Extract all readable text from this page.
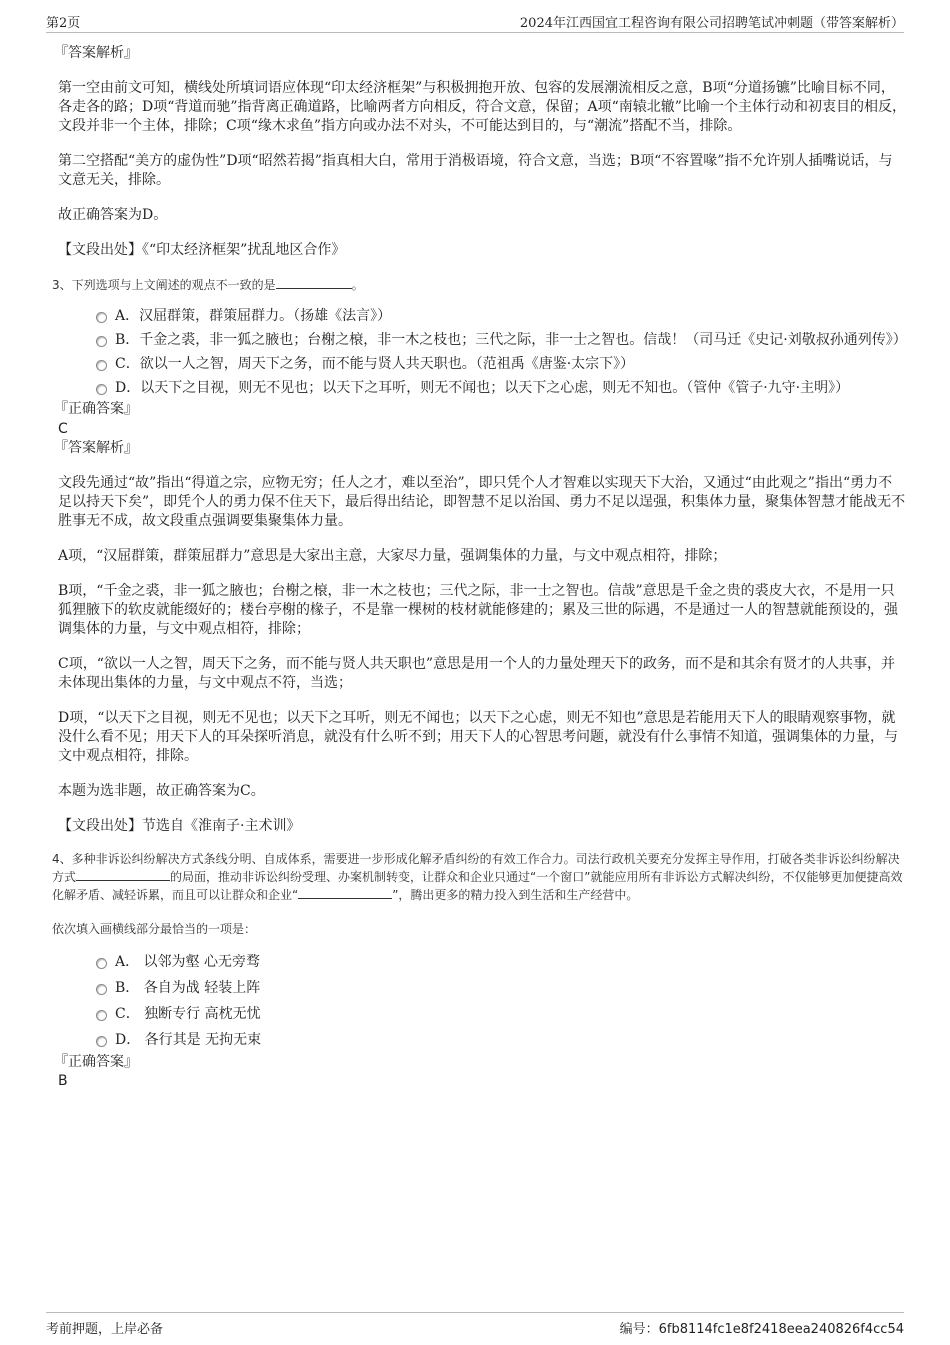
第2页	2024年江西国宜工程咨询有限公司招聘笔试冲刺题（带答案解析）

『答案解析』

第一空由前文可知，横线处所填词语应体现“印太经济框架”与积极拥抱开放、包容的发展潮流相反之意，B项“分道扬镳”比喻目标不同，各走各的路；D项“背道而驰”指背离正确道路，比喻两者方向相反，符合文意，保留；A项“南辕北辙”比喻一个主体行动和初衷目的相反，文段并非一个主体，排除；C项“缘木求鱼”指方向或办法不对头，不可能达到目的，与“潮流”搭配不当，排除。

第二空搭配“美方的虚伪性”D项“昭然若揭”指真相大白，常用于消极语境，符合文意，当选；B项“不容置喙”指不允许别人插嘴说话，与文意无关，排除。

故正确答案为D。

【文段出处】《“印太经济框架”扰乱地区合作》

3、下列选项与上文阐述的观点不一致的是	。

A．汉屈群策，群策屈群力。（扬雄《法言》）
B．千金之裘，非一狐之腋也；台榭之榱，非一木之枝也；三代之际，非一士之智也。信哉！（司马迁《史记·刘敬叔孙通列传》）
C．欲以一人之智，周天下之务，而不能与贤人共天职也。（范祖禹《唐鉴·太宗下》）
D．以天下之目视，则无不见也；以天下之耳听，则无不闻也；以天下之心虑，则无不知也。（管仲《管子·九守·主明》）

『正确答案』

C

『答案解析』

文段先通过“故”指出“得道之宗，应物无穷；任人之才，难以至治”，即只凭个人才智难以实现天下大治，又通过“由此观之”指出“勇力不足以持天下矣”，即凭个人的勇力保不住天下，最后得出结论，即智慧不足以治国、勇力不足以逞强，积集体力量，聚集体智慧才能战无不胜事无不成，故文段重点强调要集聚集体力量。

A项，“汉屈群策，群策屈群力”意思是大家出主意，大家尽力量，强调集体的力量，与文中观点相符，排除；

B项，“千金之裘，非一狐之腋也；台榭之榱，非一木之枝也；三代之际，非一士之智也。信哉”意思是千金之贵的裘皮大衣，不是用一只狐狸腋下的软皮就能缀好的；楼台亭榭的椽子，不是靠一棵树的枝材就能修建的；累及三世的际遇，不是通过一人的智慧就能预设的，强调集体的力量，与文中观点相符，排除；

C项，“欲以一人之智，周天下之务，而不能与贤人共天职也”意思是用一个人的力量处理天下的政务，而不是和其余有贤才的人共事，并未体现出集体的力量，与文中观点不符，当选；

D项，“以天下之目视，则无不见也；以天下之耳听，则无不闻也；以天下之心虑，则无不知也”意思是若能用天下人的眼睛观察事物，就没什么看不见；用天下人的耳朵探听消息，就没有什么听不到；用天下人的心智思考问题，就没有什么事情不知道，强调集体的力量，与文中观点相符，排除。

本题为选非题，故正确答案为C。

【文段出处】节选自《淮南子·主术训》

4、多种非诉讼纠纷解决方式条线分明、自成体系，需要进一步形成化解矛盾纠纷的有效工作合力。司法行政机关要充分发挥主导作用，打破各类非诉讼纠纷解决方式	的局面，推动非诉讼纠纷受理、办案机制转变，让群众和企业只通过“一个窗口”就能应用所有非诉讼方式解决纠纷，不仅能够更加便捷高效化解矛盾、减轻诉累，而且可以让群众和企业“	”，腾出更多的精力投入到生活和生产经营中。

依次填入画横线部分最恰当的一项是：

A． 以邻为壑 心无旁骛
B． 各自为战 轻装上阵
C． 独断专行 高枕无忧
D． 各行其是 无拘无束

『正确答案』

B

考前押题，上岸必备	编号：6fb8114fc1e8f2418eea240826f4cc54
